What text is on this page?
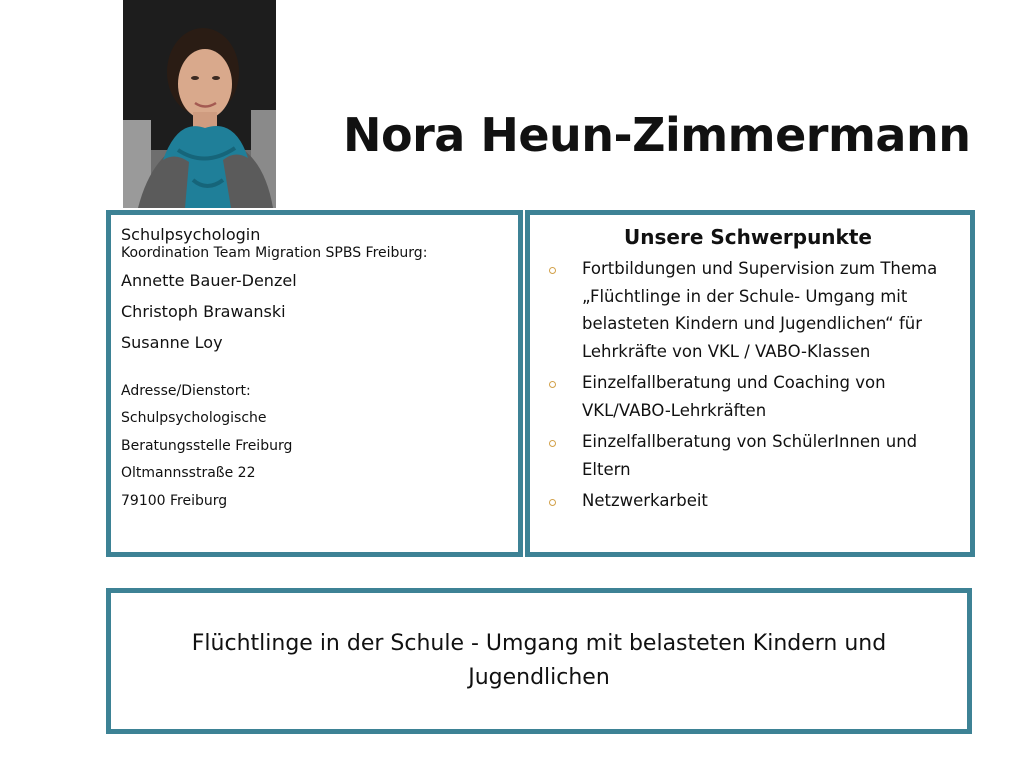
Nora Heun-Zimmermann

Schulpsychologin

Koordination Team Migration SPBS Freiburg:

Annette Bauer-Denzel

Christoph Brawanski

Susanne Loy

Adresse/Dienstort:

Schulpsychologische

Beratungsstelle Freiburg

Oltmannsstraße 22

79100 Freiburg

Unsere Schwerpunkte
Fortbildungen und Supervision zum Thema „Flüchtlinge in der Schule- Umgang mit belasteten Kindern und Jugendlichen“ für Lehrkräfte von VKL / VABO-Klassen
Einzelfallberatung und Coaching von VKL/VABO-Lehrkräften
Einzelfallberatung von SchülerInnen und Eltern
Netzwerkarbeit

Flüchtlinge in der Schule - Umgang mit belasteten Kindern und Jugendlichen
